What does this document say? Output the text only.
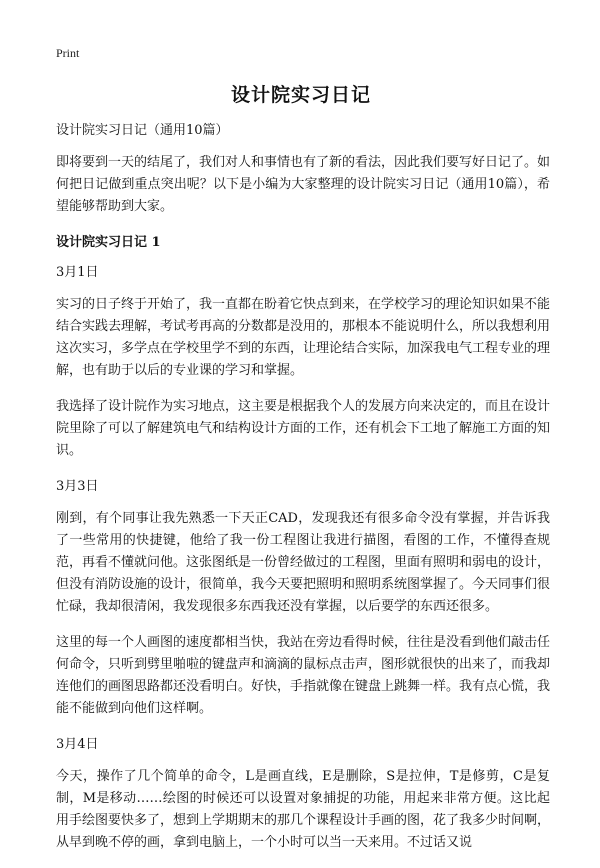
Print
设计院实习日记

设计院实习日记（通用10篇）

即将要到一天的结尾了，我们对人和事情也有了新的看法，因此我们要写好日记了。如何把日记做到重点突出呢？以下是小编为大家整理的设计院实习日记（通用10篇），希望能够帮助到大家。

设计院实习日记 1

3月1日

实习的日子终于开始了，我一直都在盼着它快点到来，在学校学习的理论知识如果不能结合实践去理解，考试考再高的分数都是没用的，那根本不能说明什么，所以我想利用这次实习，多学点在学校里学不到的东西，让理论结合实际，加深我电气工程专业的理解，也有助于以后的专业课的学习和掌握。

我选择了设计院作为实习地点，这主要是根据我个人的发展方向来决定的，而且在设计院里除了可以了解建筑电气和结构设计方面的工作，还有机会下工地了解施工方面的知识。

3月3日

刚到，有个同事让我先熟悉一下天正CAD，发现我还有很多命令没有掌握，并告诉我了一些常用的快捷键，他给了我一份工程图让我进行描图，看图的工作，不懂得查规范，再看不懂就问他。这张图纸是一份曾经做过的工程图，里面有照明和弱电的设计，但没有消防设施的设计，很简单，我今天要把照明和照明系统图掌握了。今天同事们很忙碌，我却很清闲，我发现很多东西我还没有掌握，以后要学的东西还很多。

这里的每一个人画图的速度都相当快，我站在旁边看得时候，往往是没看到他们敲击任何命令，只听到劈里啪啦的键盘声和滴滴的鼠标点击声，图形就很快的出来了，而我却连他们的画图思路都还没看明白。好快，手指就像在键盘上跳舞一样。我有点心慌，我能不能做到向他们这样啊。

3月4日

今天，操作了几个简单的命令，L是画直线，E是删除，S是拉伸，T是修剪，C是复制，M是移动……绘图的时候还可以设置对象捕捉的功能，用起来非常方便。这比起用手绘图要快多了，想到上学期期末的那几个课程设计手画的图，花了我多少时间啊，从早到晚不停的画，拿到电脑上，一个小时可以当一天来用。不过话又说
